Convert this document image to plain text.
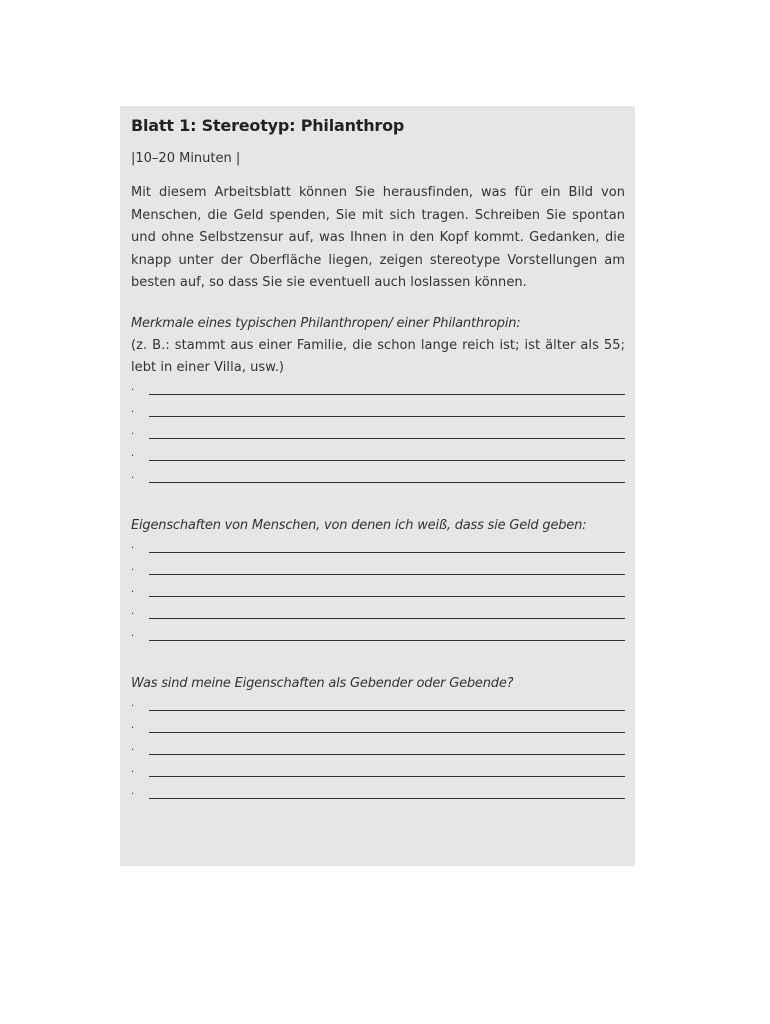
Blatt 1: Stereotyp: Philanthrop
|10–20 Minuten |
Mit diesem Arbeitsblatt können Sie herausfinden, was für ein Bild von Menschen, die Geld spenden, Sie mit sich tragen. Schreiben Sie spontan und ohne Selbstzensur auf, was Ihnen in den Kopf kommt. Gedanken, die knapp unter der Oberfläche liegen, zeigen stereotype Vorstellungen am besten auf, so dass Sie sie eventuell auch loslassen können.
Merkmale eines typischen Philanthropen/ einer Philanthropin:
(z. B.: stammt aus einer Familie, die schon lange reich ist; ist älter als 55; lebt in einer Villa, usw.)
·
·
·
·
·
Eigenschaften von Menschen, von denen ich weiß, dass sie Geld geben:
·
·
·
·
·
Was sind meine Eigenschaften als Gebender oder Gebende?
·
·
·
·
·
